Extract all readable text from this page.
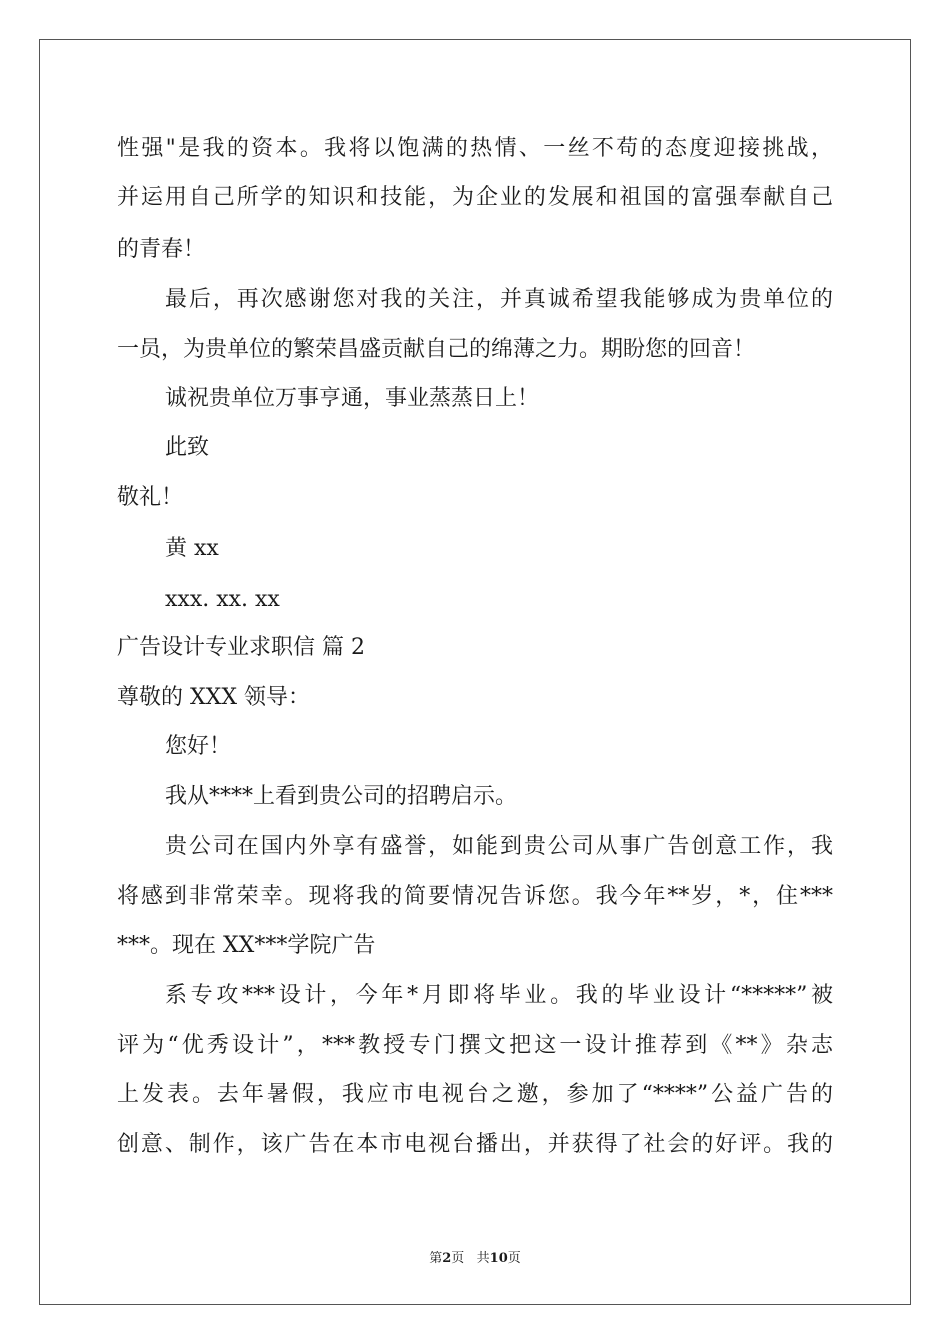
性强"是我的资本。我将以饱满的热情、一丝不苟的态度迎接挑战，
并运用自己所学的知识和技能，为企业的发展和祖国的富强奉献自己
的青春！
最后，再次感谢您对我的关注，并真诚希望我能够成为贵单位的
一员，为贵单位的繁荣昌盛贡献自己的绵薄之力。期盼您的回音！
诚祝贵单位万事亨通，事业蒸蒸日上！
此致
敬礼！
黄 xx
xxx. xx. xx
广告设计专业求职信 篇 2
尊敬的 XXX 领导：
您好！
我从****上看到贵公司的招聘启示。
贵公司在国内外享有盛誉，如能到贵公司从事广告创意工作，我
将感到非常荣幸。现将我的简要情况告诉您。我今年**岁，*，住***
***。现在 XX***学院广告
系专攻***设计，今年*月即将毕业。我的毕业设计“*****”被
评为“优秀设计”，***教授专门撰文把这一设计推荐到《**》杂志
上发表。去年暑假，我应市电视台之邀，参加了“****”公益广告的
创意、制作，该广告在本市电视台播出，并获得了社会的好评。我的
第2页   共10页
